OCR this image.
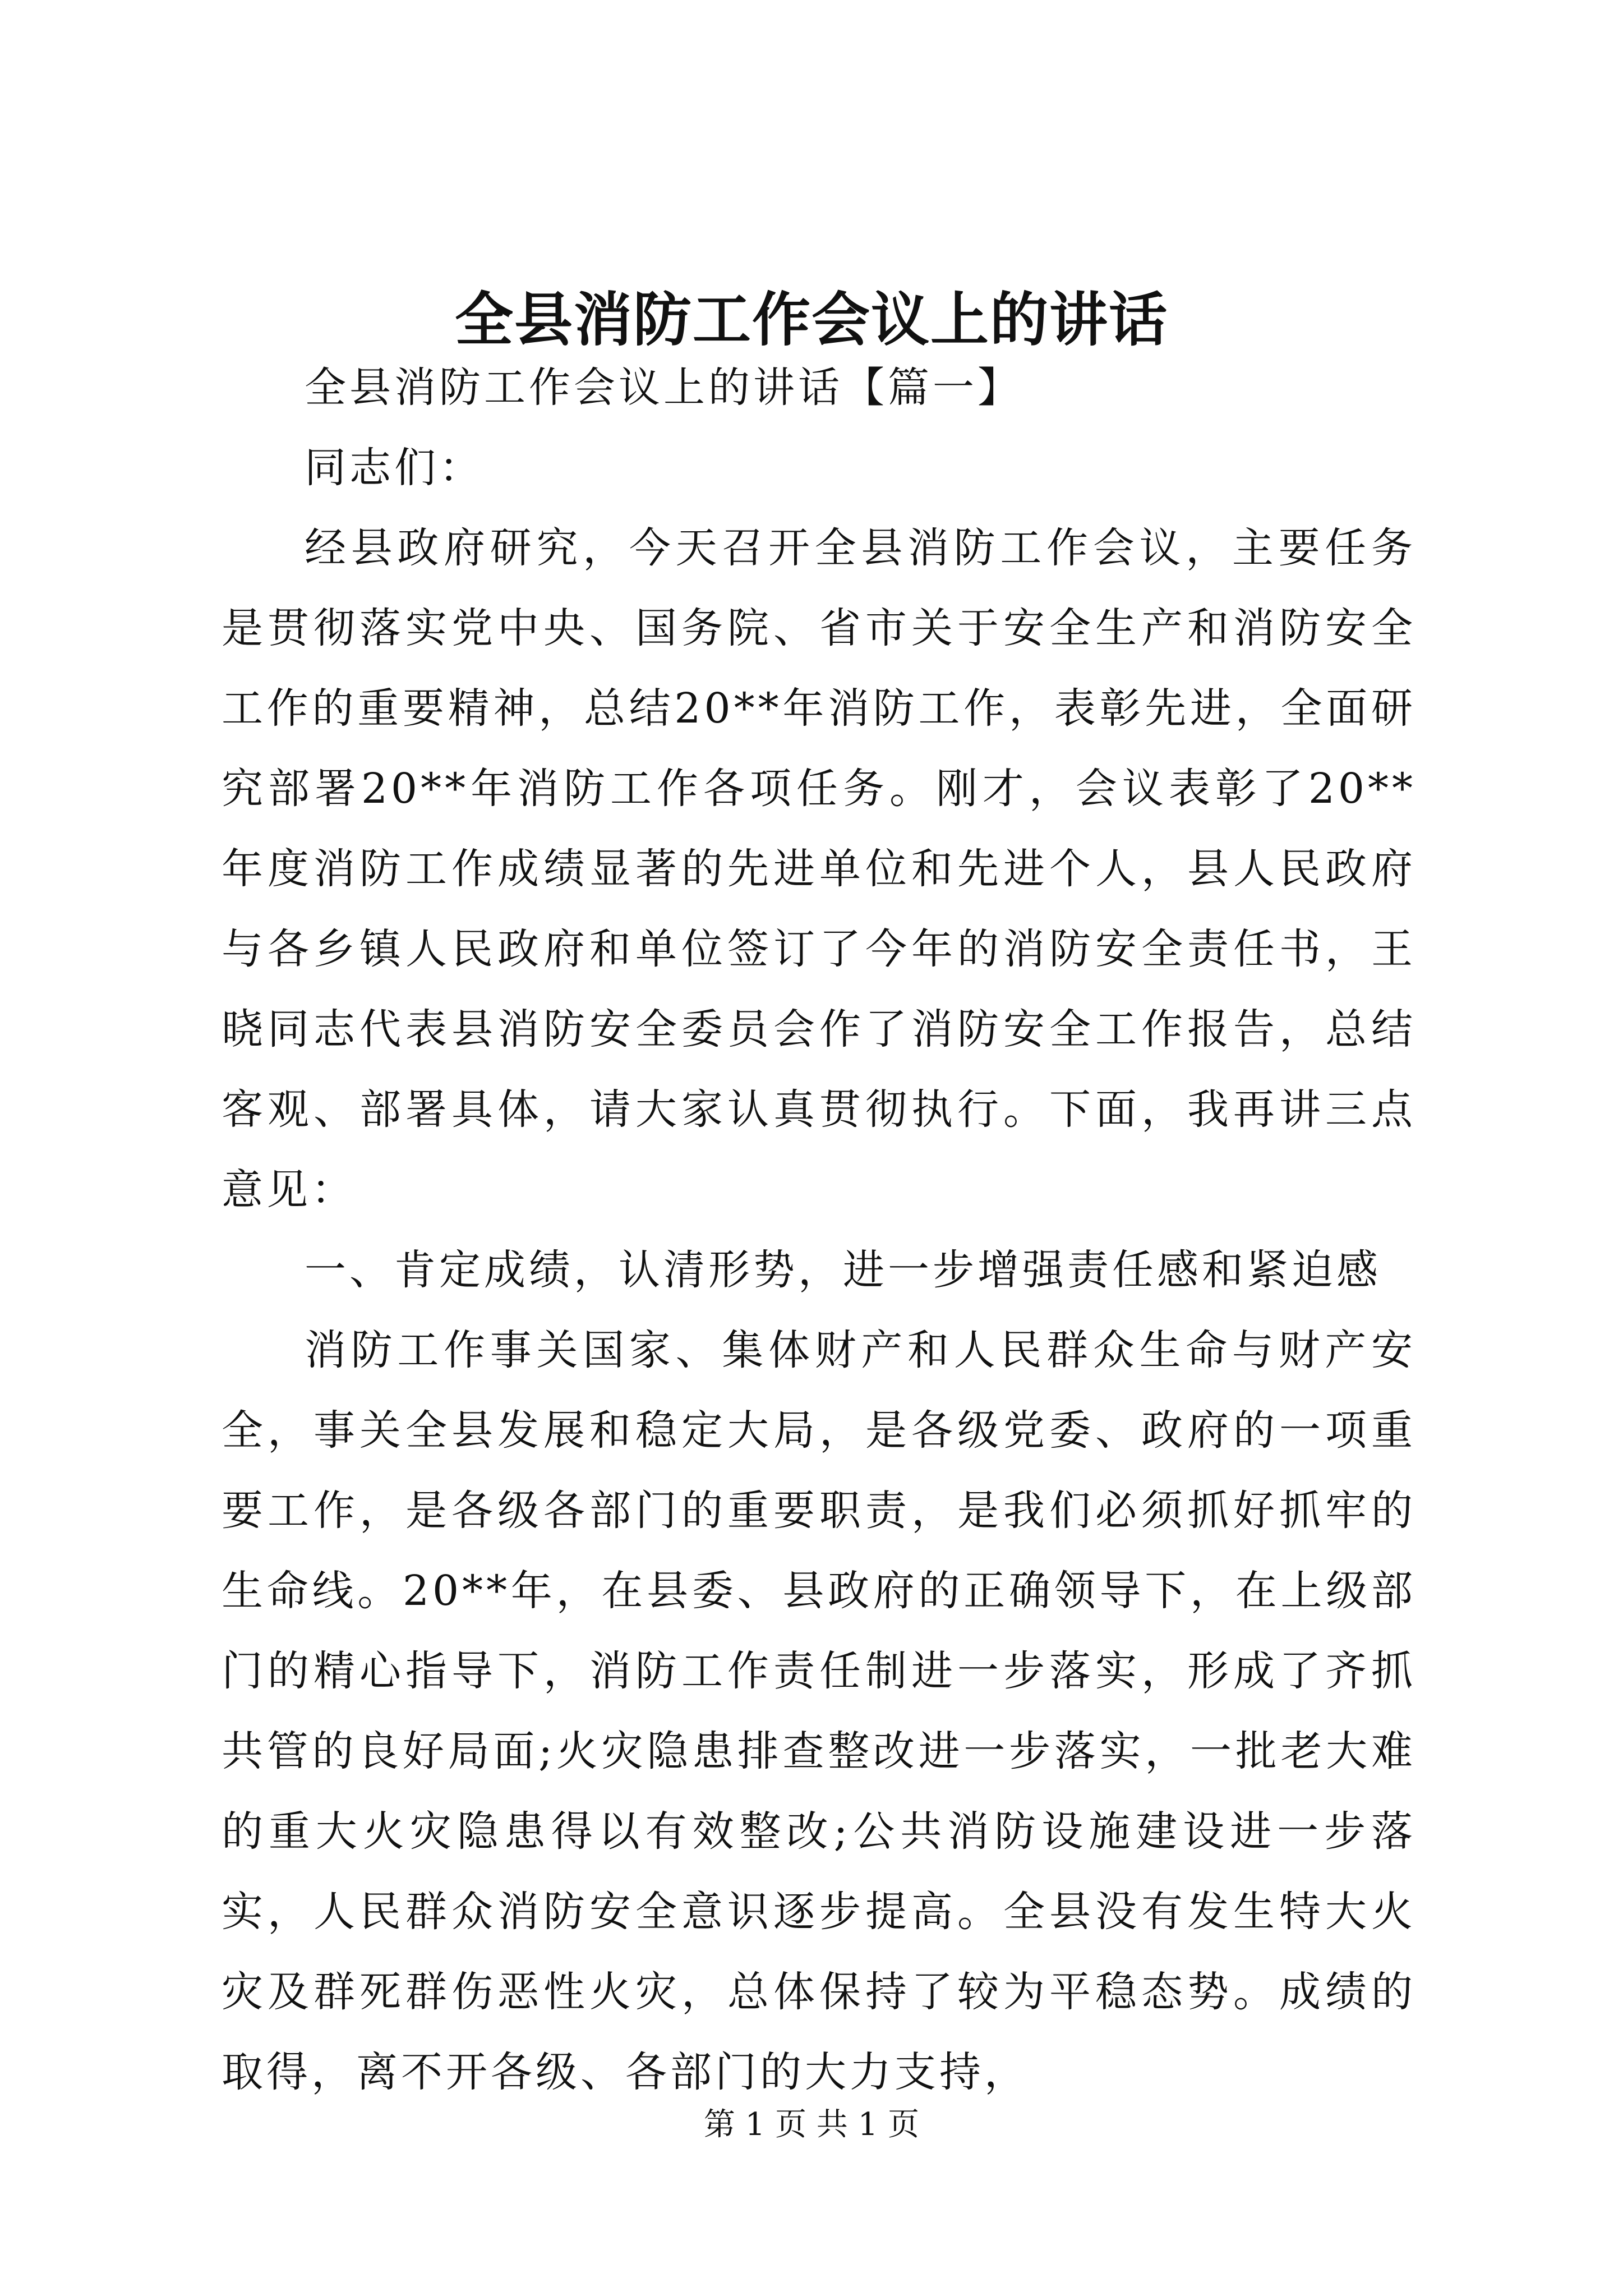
全县消防工作会议上的讲话

全县消防工作会议上的讲话【篇一】

同志们：

经县政府研究，今天召开全县消防工作会议，主要任务是贯彻落实党中央、国务院、省市关于安全生产和消防安全工作的重要精神，总结20**年消防工作，表彰先进，全面研究部署20**年消防工作各项任务。刚才，会议表彰了20**年度消防工作成绩显著的先进单位和先进个人，县人民政府与各乡镇人民政府和单位签订了今年的消防安全责任书，王晓同志代表县消防安全委员会作了消防安全工作报告，总结客观、部署具体，请大家认真贯彻执行。下面，我再讲三点意见：

一、肯定成绩，认清形势，进一步增强责任感和紧迫感

消防工作事关国家、集体财产和人民群众生命与财产安全，事关全县发展和稳定大局，是各级党委、政府的一项重要工作，是各级各部门的重要职责，是我们必须抓好抓牢的生命线。20**年，在县委、县政府的正确领导下，在上级部门的精心指导下，消防工作责任制进一步落实，形成了齐抓共管的良好局面;火灾隐患排查整改进一步落实，一批老大难的重大火灾隐患得以有效整改;公共消防设施建设进一步落实，人民群众消防安全意识逐步提高。全县没有发生特大火灾及群死群伤恶性火灾，总体保持了较为平稳态势。成绩的取得，离不开各级、各部门的大力支持，

第 1 页 共 1 页
